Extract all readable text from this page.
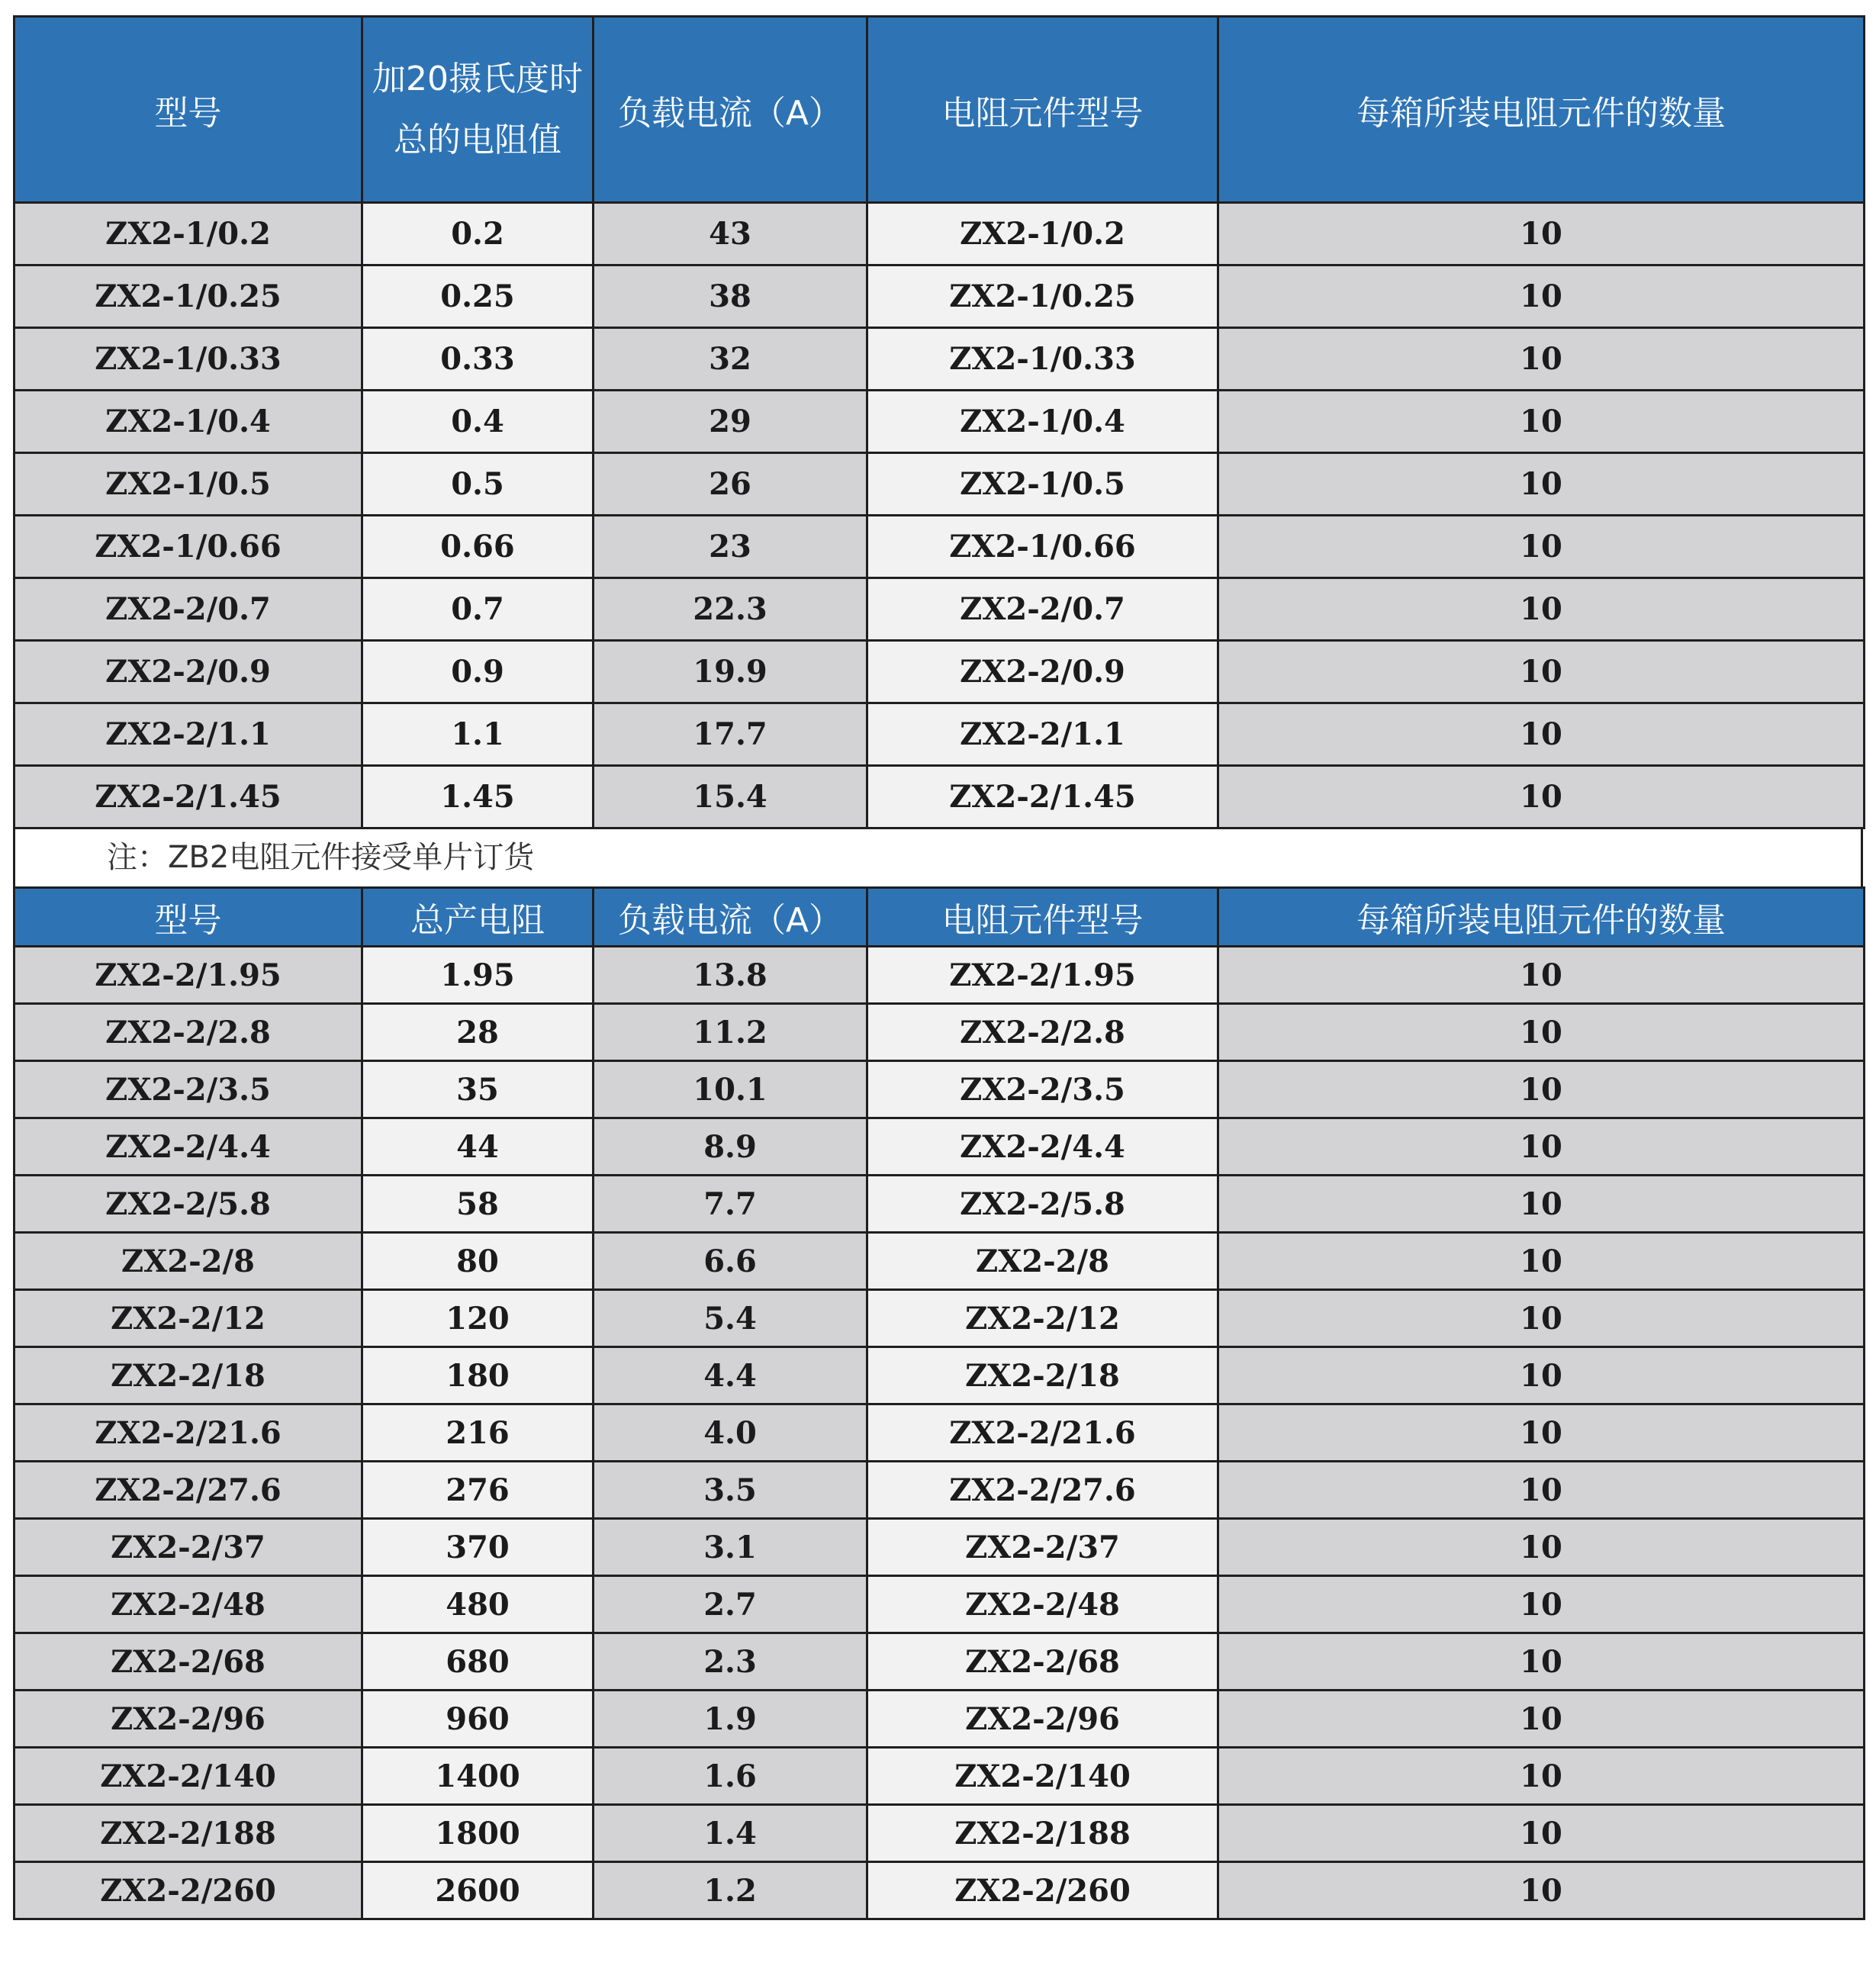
型号	加20摄氏度时总的电阻值	负载电流（A）	电阻元件型号	每箱所装电阻元件的数量
ZX2-1/0.2	0.2	43	ZX2-1/0.2	10
ZX2-1/0.25	0.25	38	ZX2-1/0.25	10
ZX2-1/0.33	0.33	32	ZX2-1/0.33	10
ZX2-1/0.4	0.4	29	ZX2-1/0.4	10
ZX2-1/0.5	0.5	26	ZX2-1/0.5	10
ZX2-1/0.66	0.66	23	ZX2-1/0.66	10
ZX2-2/0.7	0.7	22.3	ZX2-2/0.7	10
ZX2-2/0.9	0.9	19.9	ZX2-2/0.9	10
ZX2-2/1.1	1.1	17.7	ZX2-2/1.1	10
ZX2-2/1.45	1.45	15.4	ZX2-2/1.45	10
注：ZB2电阻元件接受单片订货
型号	总产电阻	负载电流（A）	电阻元件型号	每箱所装电阻元件的数量
ZX2-2/1.95	1.95	13.8	ZX2-2/1.95	10
ZX2-2/2.8	28	11.2	ZX2-2/2.8	10
ZX2-2/3.5	35	10.1	ZX2-2/3.5	10
ZX2-2/4.4	44	8.9	ZX2-2/4.4	10
ZX2-2/5.8	58	7.7	ZX2-2/5.8	10
ZX2-2/8	80	6.6	ZX2-2/8	10
ZX2-2/12	120	5.4	ZX2-2/12	10
ZX2-2/18	180	4.4	ZX2-2/18	10
ZX2-2/21.6	216	4.0	ZX2-2/21.6	10
ZX2-2/27.6	276	3.5	ZX2-2/27.6	10
ZX2-2/37	370	3.1	ZX2-2/37	10
ZX2-2/48	480	2.7	ZX2-2/48	10
ZX2-2/68	680	2.3	ZX2-2/68	10
ZX2-2/96	960	1.9	ZX2-2/96	10
ZX2-2/140	1400	1.6	ZX2-2/140	10
ZX2-2/188	1800	1.4	ZX2-2/188	10
ZX2-2/260	2600	1.2	ZX2-2/260	10
